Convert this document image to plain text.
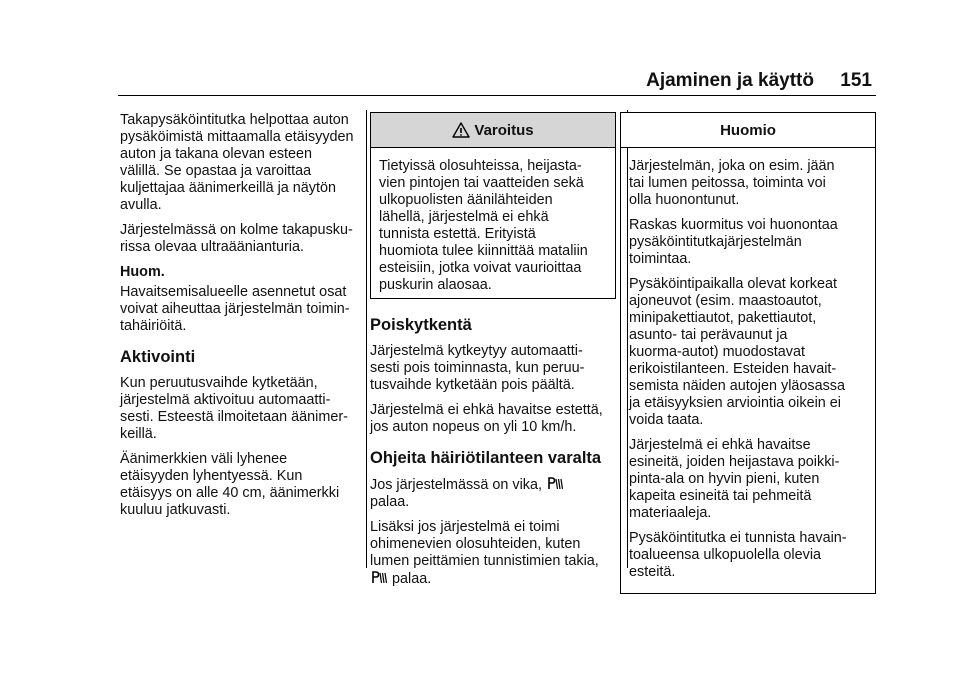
Ajaminen ja käyttö 151

Takapysäköintitutka helpottaa auton
pysäköimistä mittaamalla etäisyyden
auton ja takana olevan esteen
välillä. Se opastaa ja varoittaa
kuljettajaa äänimerkeillä ja näytön
avulla.

Järjestelmässä on kolme takapusku-
rissa olevaa ultraäänianturia.

Huom.

Havaitsemisalueelle asennetut osat
voivat aiheuttaa järjestelmän toimin-
tahäiriöitä.

Aktivointi

Kun peruutusvaihde kytketään,
järjestelmä aktivoituu automaatti-
sesti. Esteestä ilmoitetaan äänimer-
keillä.

Äänimerkkien väli lyhenee
etäisyyden lyhentyessä. Kun
etäisyys on alle 40 cm, äänimerkki
kuuluu jatkuvasti.

Varoitus
Tietyissä olosuhteissa, heijasta-
vien pintojen tai vaatteiden sekä
ulkopuolisten äänilähteiden
lähellä, järjestelmä ei ehkä
tunnista estettä. Erityistä
huomiota tulee kiinnittää mataliin
esteisiin, jotka voivat vaurioittaa
puskurin alaosaa.
Poiskytkentä

Järjestelmä kytkeytyy automaatti-
sesti pois toiminnasta, kun peruu-
tusvaihde kytketään pois päältä.

Järjestelmä ei ehkä havaitse estettä,
jos auton nopeus on yli 10 km/h.

Ohjeita häiriötilanteen varalta

Jos järjestelmässä on vika,
palaa.

Lisäksi jos järjestelmä ei toimi
ohimenevien olosuhteiden, kuten
lumen peittämien tunnistimien takia,
palaa.

Huomio

Järjestelmän, joka on esim. jään
tai lumen peitossa, toiminta voi
olla huonontunut.

Raskas kuormitus voi huonontaa
pysäköintitutkajärjestelmän
toimintaa.

Pysäköintipaikalla olevat korkeat
ajoneuvot (esim. maastoautot,
minipakettiautot, pakettiautot,
asunto- tai perävaunut ja
kuorma-autot) muodostavat
erikoistilanteen. Esteiden havait-
semista näiden autojen yläosassa
ja etäisyyksien arviointia oikein ei
voida taata.

Järjestelmä ei ehkä havaitse
esineitä, joiden heijastava poikki-
pinta-ala on hyvin pieni, kuten
kapeita esineitä tai pehmeitä
materiaaleja.

Pysäköintitutka ei tunnista havain-
toalueensa ulkopuolella olevia
esteitä.
